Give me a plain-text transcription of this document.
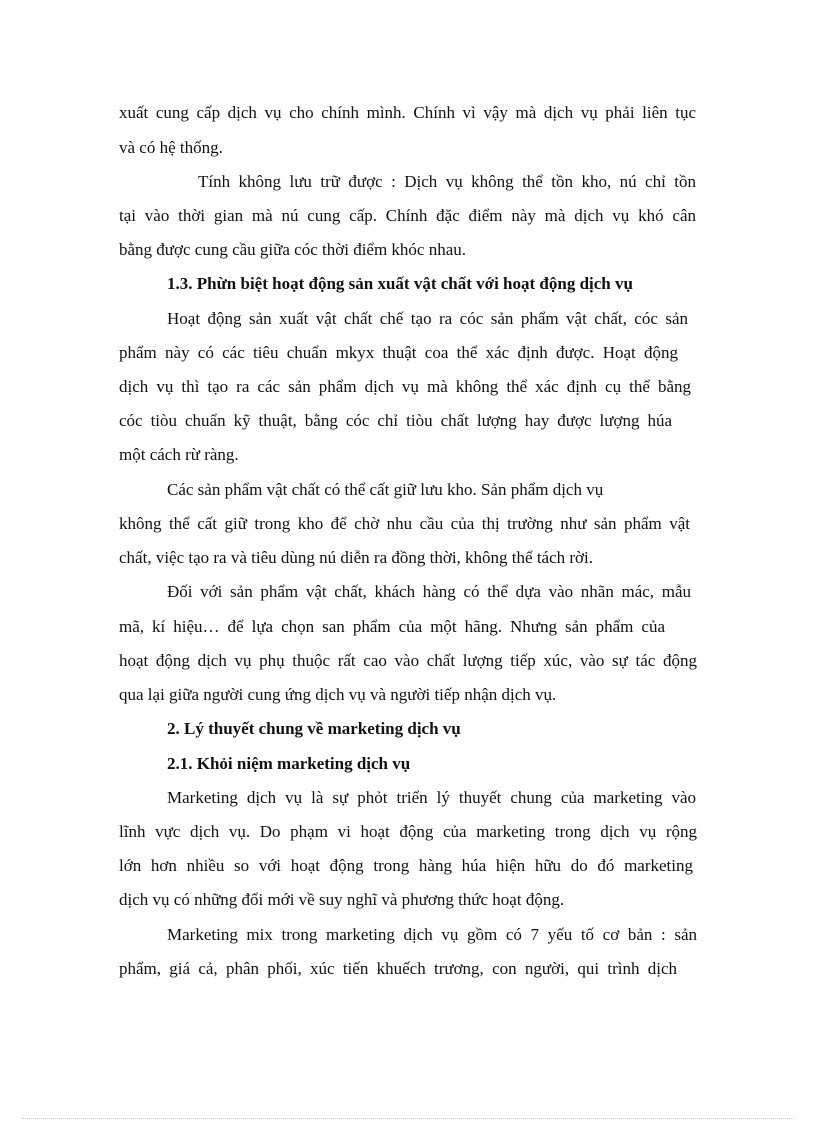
xuất cung cấp dịch vụ cho chính mình. Chính vì vậy mà dịch vụ phải liên tục
và có hệ thống.
Tính không lưu trữ được : Dịch vụ không thể tồn kho, nú chỉ tồn
tại vào thời gian mà nú cung cấp. Chính đặc điểm này mà dịch vụ khó cân
bằng được cung cầu giữa cóc thời điểm khóc nhau.
1.3. Phừn biệt hoạt động sản xuất vật chất với hoạt động dịch vụ
Hoạt động sản xuất vật chất chế tạo ra cóc sản phẩm vật chất, cóc sản
phẩm này có các tiêu chuẩn mkyx thuật coa thể xác định được. Hoạt động
dịch vụ thì tạo ra các sản phẩm dịch vụ mà không thể xác định cụ thể bằng
cóc tiòu chuẩn kỹ thuật, bằng cóc chỉ tiòu chất lượng hay được lượng húa
một cách rừ ràng.
Các sản phẩm vật chất có thể cất giữ lưu kho. Sản phẩm dịch vụ
không thể cất giữ trong kho để chờ nhu cầu của thị trường như sản phẩm vật
chất, việc tạo ra và tiêu dùng nú diễn ra đồng thời, không thể tách rời.
Đối với sản phẩm vật chất, khách hàng có thể dựa vào nhãn mác, mẫu
mã, kí hiệu… để lựa chọn san phẩm của một hãng. Nhưng sản phẩm của
hoạt động dịch vụ phụ thuộc rất cao vào chất lượng tiếp xúc, vào sự tác động
qua lại giữa người cung ứng dịch vụ và người tiếp nhận dịch vụ.
2. Lý thuyết chung về marketing dịch vụ
2.1. Khỏi niệm marketing dịch vụ
Marketing dịch vụ là sự phỏt triển lý thuyết chung của marketing vào
lĩnh vực dịch vụ. Do phạm vi hoạt động của marketing trong dịch vụ rộng
lớn hơn nhiều so với hoạt động trong hàng húa hiện hữu do đó marketing
dịch vụ có những đổi mới về suy nghĩ và phương thức hoạt động.
Marketing mix trong marketing dịch vụ gồm có 7 yếu tố cơ bản : sản
phẩm, giá cả, phân phối, xúc tiến khuếch trương, con người, qui trình dịch
